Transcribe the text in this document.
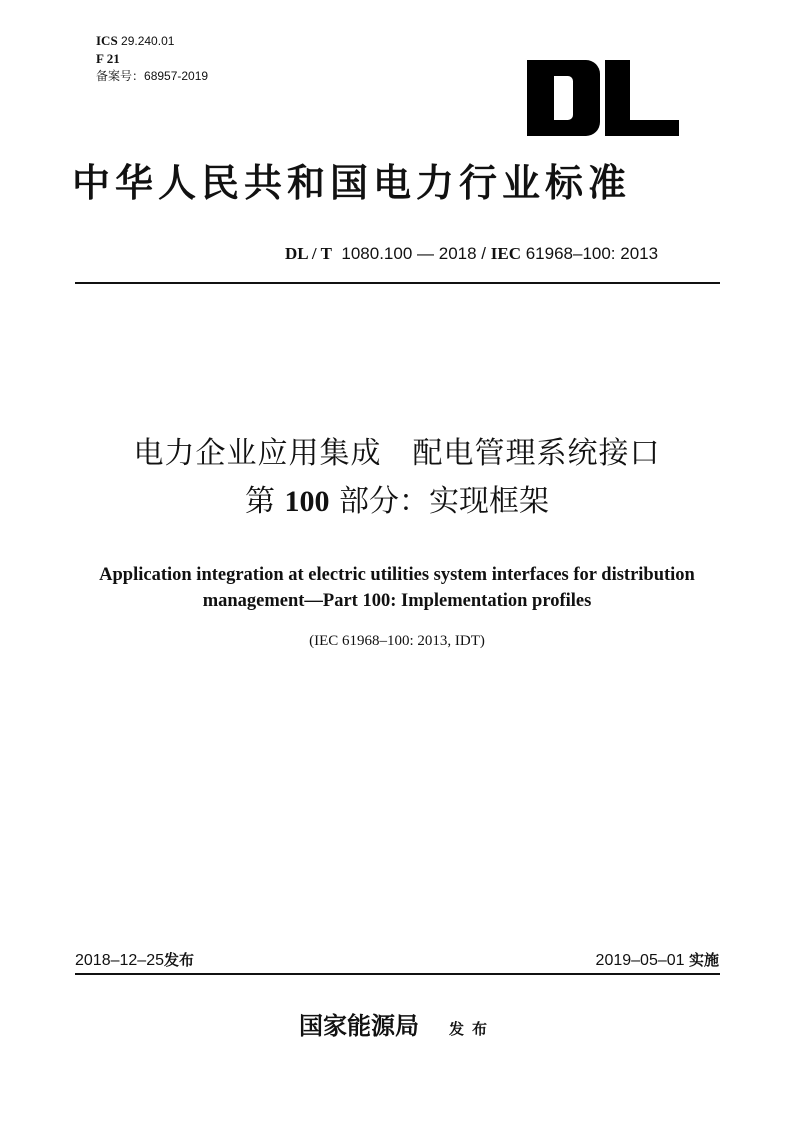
ICS 29.240.01
F 21
备案号：68957-2019
中华人民共和国电力行业标准
DL / T 1080.100 — 2018 / IEC 61968–100: 2013
电力企业应用集成　配电管理系统接口
第 100 部分：实现框架
Application integration at electric utilities system interfaces for distribution
management—Part 100: Implementation profiles
(IEC 61968–100: 2013, IDT)
2018–12–25发布	2019–05–01 实施
国家能源局 发布
